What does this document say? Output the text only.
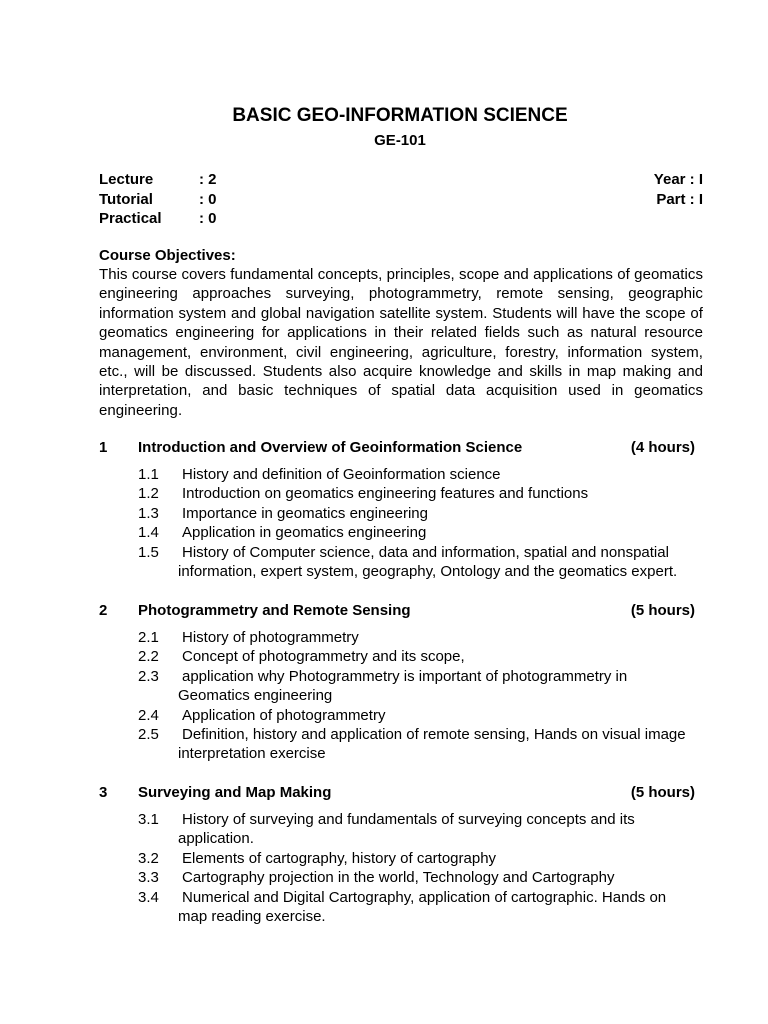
BASIC GEO-INFORMATION SCIENCE
GE-101
Lecture	: 2
Tutorial	: 0
Practical : 0
Year : I
Part : I
Course Objectives:
This course covers fundamental concepts, principles, scope and applications of geomatics engineering approaches surveying, photogrammetry, remote sensing, geographic information system and global navigation satellite system. Students will have the scope of geomatics engineering for applications in their related fields such as natural resource management, environment, civil engineering, agriculture, forestry, information system, etc., will be discussed. Students also acquire knowledge and skills in map making and interpretation, and basic techniques of spatial data acquisition used in geomatics engineering.
1 Introduction and Overview of Geoinformation Science	(4 hours)
1.1 History and definition of Geoinformation science
1.2 Introduction on geomatics engineering features and functions
1.3 Importance in geomatics engineering
1.4 Application in geomatics engineering
1.5 History of Computer science, data and information, spatial and nonspatial information, expert system, geography, Ontology and the geomatics expert.
2 Photogrammetry and Remote Sensing	(5 hours)
2.1 History of photogrammetry
2.2 Concept of photogrammetry and its scope,
2.3 application why Photogrammetry is important of photogrammetry in Geomatics engineering
2.4 Application of photogrammetry
2.5 Definition, history and application of remote sensing, Hands on visual image interpretation exercise
3 Surveying and Map Making	(5 hours)
3.1 History of surveying and fundamentals of surveying concepts and its application.
3.2 Elements of cartography, history of cartography
3.3 Cartography projection in the world, Technology and Cartography
3.4 Numerical and Digital Cartography, application of cartographic. Hands on map reading exercise.
